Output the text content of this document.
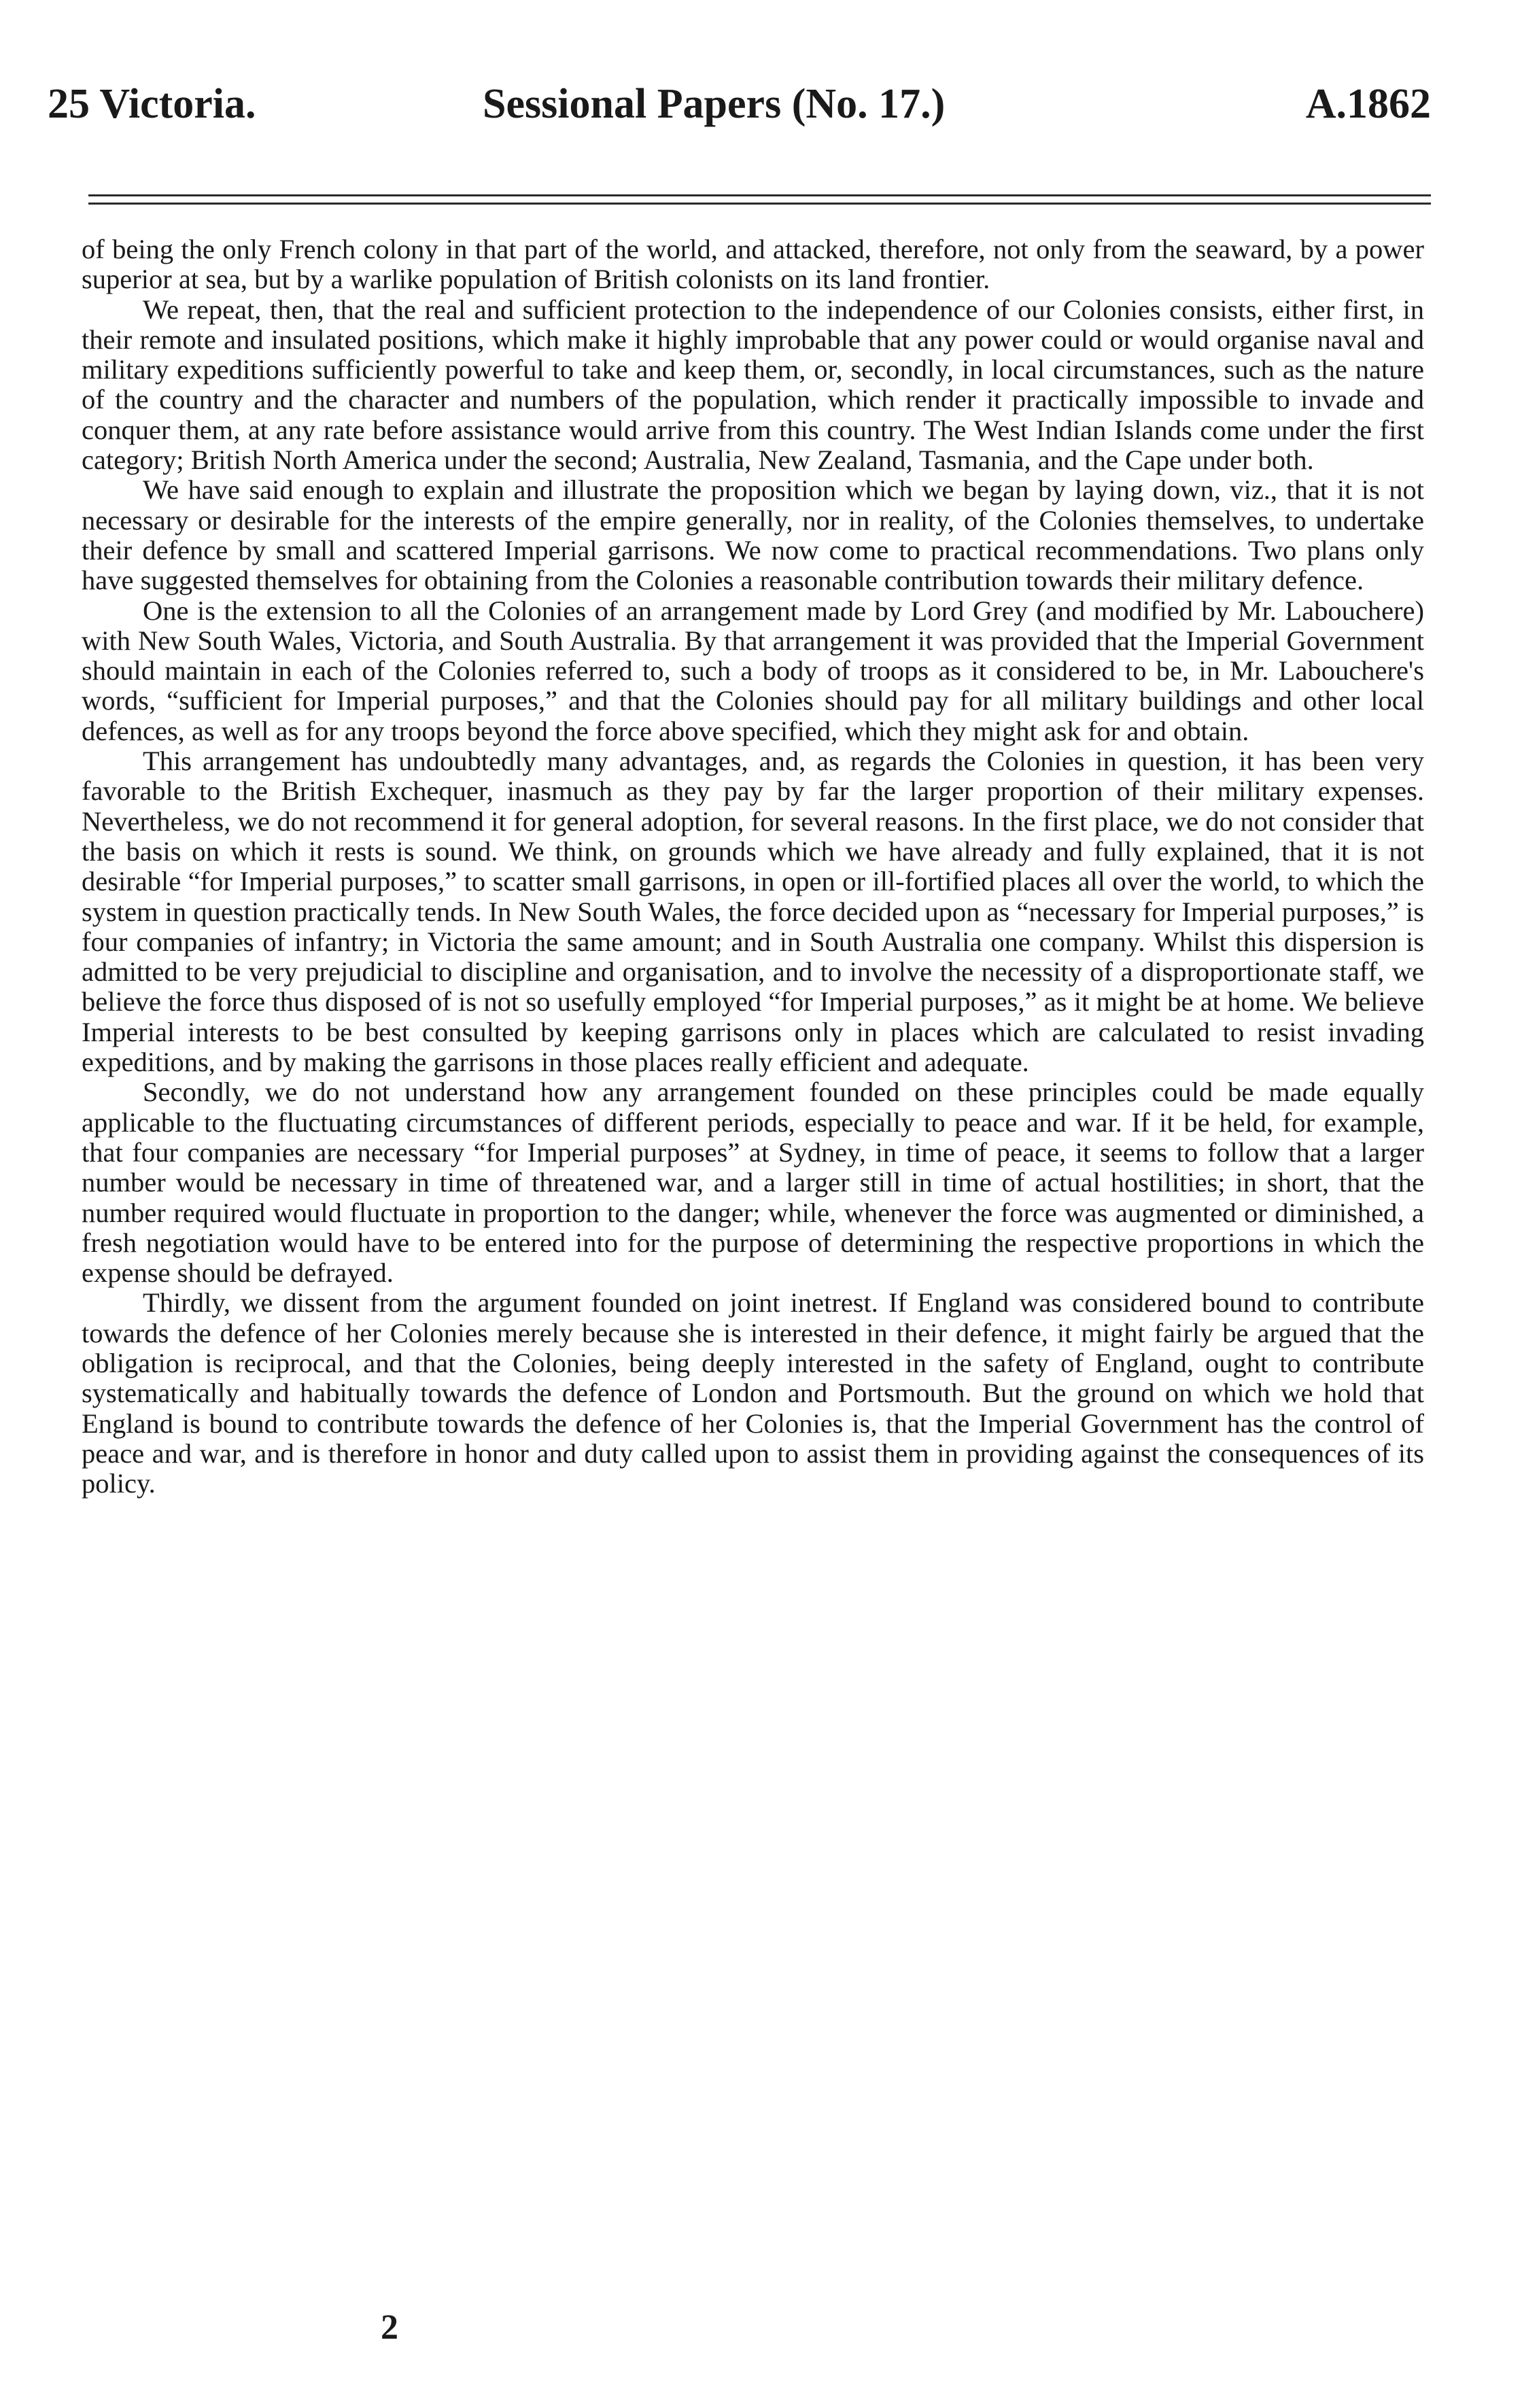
25 Victoria.	Sessional Papers (No. 17.)	A.1862

of being the only French colony in that part of the world, and attacked, therefore, not only from the seaward, by a power superior at sea, but by a warlike population of British colonists on its land frontier.

We repeat, then, that the real and sufficient protection to the independence of our Colonies consists, either first, in their remote and insulated positions, which make it highly improbable that any power could or would organise naval and military expeditions sufficiently powerful to take and keep them, or, secondly, in local circumstances, such as the nature of the country and the character and numbers of the population, which render it practically impossible to invade and conquer them, at any rate before assistance would arrive from this country. The West Indian Islands come under the first category; British North America under the second; Australia, New Zealand, Tasmania, and the Cape under both.

We have said enough to explain and illustrate the proposition which we began by laying down, viz., that it is not necessary or desirable for the interests of the empire generally, nor in reality, of the Colonies themselves, to undertake their defence by small and scattered Imperial garrisons. We now come to practical recommendations. Two plans only have suggested themselves for obtaining from the Colonies a reasonable contribution towards their military defence.

One is the extension to all the Colonies of an arrangement made by Lord Grey (and modified by Mr. Labouchere) with New South Wales, Victoria, and South Australia. By that arrangement it was provided that the Imperial Government should maintain in each of the Colonies referred to, such a body of troops as it considered to be, in Mr. Labouchere's words, “sufficient for Imperial purposes,” and that the Colonies should pay for all military buildings and other local defences, as well as for any troops beyond the force above specified, which they might ask for and obtain.

This arrangement has undoubtedly many advantages, and, as regards the Colonies in question, it has been very favorable to the British Exchequer, inasmuch as they pay by far the larger proportion of their military expenses. Nevertheless, we do not recommend it for general adoption, for several reasons. In the first place, we do not consider that the basis on which it rests is sound. We think, on grounds which we have already and fully explained, that it is not desirable “for Imperial purposes,” to scatter small garrisons, in open or ill-fortified places all over the world, to which the system in question practically tends. In New South Wales, the force decided upon as “necessary for Imperial purposes,” is four companies of infantry; in Victoria the same amount; and in South Australia one company. Whilst this dispersion is admitted to be very prejudicial to discipline and organisation, and to involve the necessity of a disproportionate staff, we believe the force thus disposed of is not so usefully employed “for Imperial purposes,” as it might be at home. We believe Imperial interests to be best consulted by keeping garrisons only in places which are calculated to resist invading expeditions, and by making the garrisons in those places really efficient and adequate.

Secondly, we do not understand how any arrangement founded on these principles could be made equally applicable to the fluctuating circumstances of different periods, especially to peace and war. If it be held, for example, that four companies are necessary “for Imperial purposes” at Sydney, in time of peace, it seems to follow that a larger number would be necessary in time of threatened war, and a larger still in time of actual hostilities; in short, that the number required would fluctuate in proportion to the danger; while, whenever the force was augmented or diminished, a fresh negotiation would have to be entered into for the purpose of determining the respective proportions in which the expense should be defrayed.

Thirdly, we dissent from the argument founded on joint inetrest. If England was considered bound to contribute towards the defence of her Colonies merely because she is interested in their defence, it might fairly be argued that the obligation is reciprocal, and that the Colonies, being deeply interested in the safety of England, ought to contribute systematically and habitually towards the defence of London and Portsmouth. But the ground on which we hold that England is bound to contribute towards the defence of her Colonies is, that the Imperial Government has the control of peace and war, and is therefore in honor and duty called upon to assist them in providing against the consequences of its policy.

2
